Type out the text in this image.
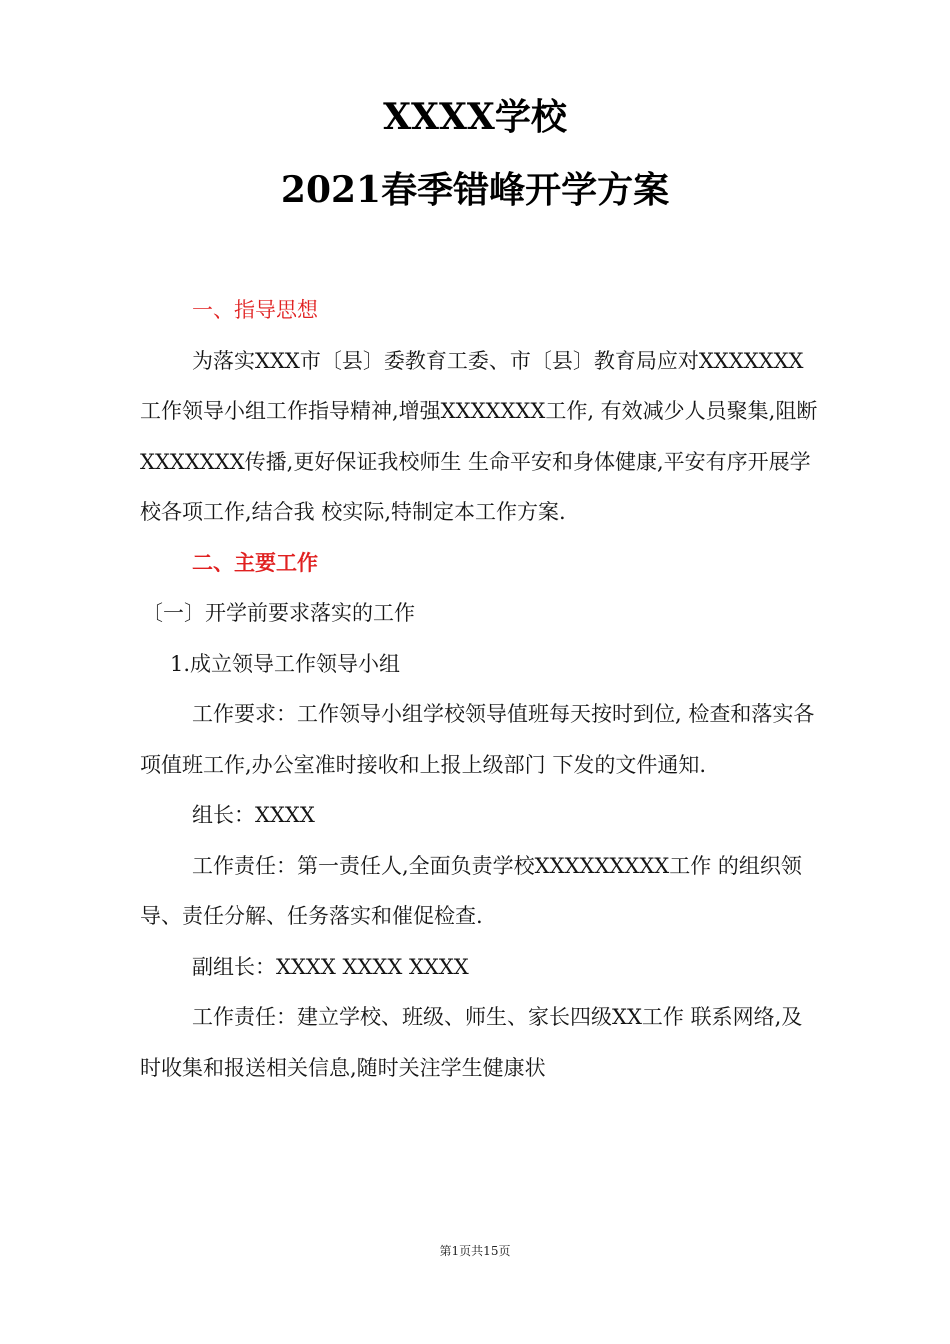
XXXX学校
2021春季错峰开学方案

一、指导思想

为落实XXX市〔县〕委教育工委、市〔县〕教育局应对XXXXXXX工作领导小组工作指导精神,增强XXXXXXX工作, 有效减少人员聚集,阻断XXXXXXX传播,更好保证我校师生 生命平安和身体健康,平安有序开展学校各项工作,结合我 校实际,特制定本工作方案.

二、主要工作

〔一〕开学前要求落实的工作

1.成立领导工作领导小组

工作要求：工作领导小组学校领导值班每天按时到位, 检查和落实各项值班工作,办公室准时接收和上报上级部门 下发的文件通知.

组长：XXXX

工作责任：第一责任人,全面负责学校XXXXXXXXX工作 的组织领导、责任分解、任务落实和催促检查.

副组长：XXXX XXXX XXXX

工作责任：建立学校、班级、师生、家长四级XX工作 联系网络,及时收集和报送相关信息,随时关注学生健康状

第1页共15页
